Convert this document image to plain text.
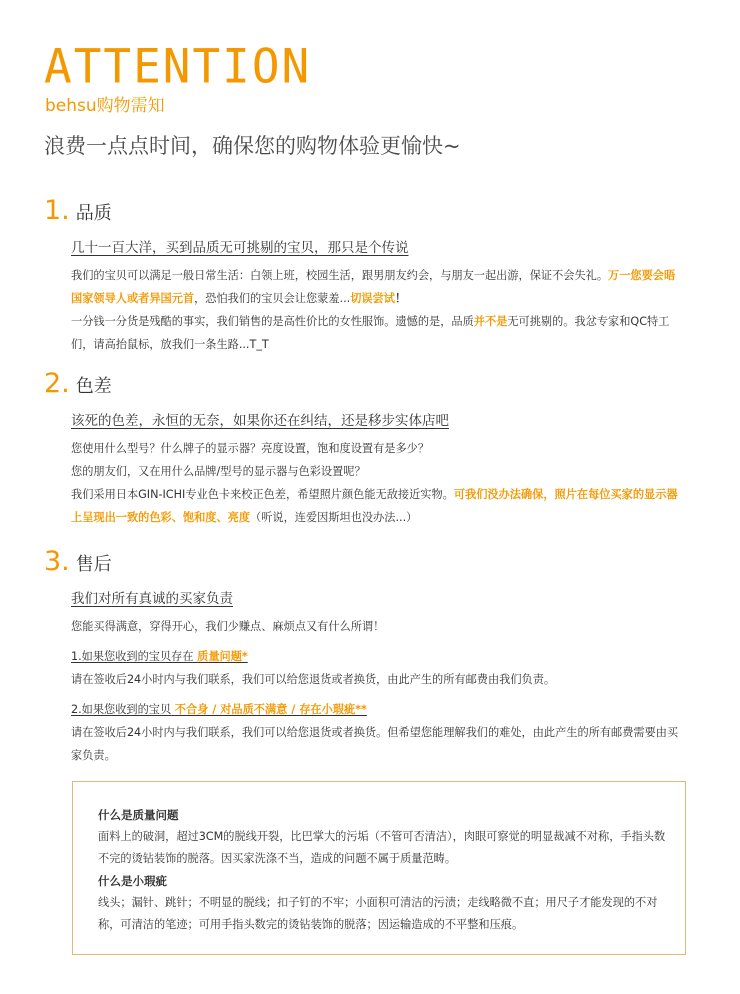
ATTENTION
behsu购物需知
浪费一点点时间，确保您的购物体验更愉快~
1. 品质
几十一百大洋，买到品质无可挑剔的宝贝，那只是个传说

我们的宝贝可以满足一般日常生活：白领上班，校园生活，跟男朋友约会，与朋友一起出游，保证不会失礼。万一您要会晤国家领导人或者异国元首，恐怕我们的宝贝会让您蒙羞...切误尝试！

一分钱一分货是残酷的事实，我们销售的是高性价比的女性服饰。遗憾的是，品质并不是无可挑剔的。我忿专家和QC特工们，请高抬鼠标，放我们一条生路...T_T

2. 色差
该死的色差，永恒的无奈，如果你还在纠结，还是移步实体店吧

您使用什么型号？什么牌子的显示器？亮度设置，饱和度设置有是多少？

您的朋友们，又在用什么品牌/型号的显示器与色彩设置呢？

我们采用日本GIN-ICHI专业色卡来校正色差，希望照片颜色能无敌接近实物。可我们没办法确保，照片在每位买家的显示器上呈现出一致的色彩、饱和度、亮度（听说，连爱因斯坦也没办法...）

3. 售后
我们对所有真诚的买家负责

您能买得满意，穿得开心，我们少赚点、麻烦点又有什么所谓！

1.如果您收到的宝贝存在 质量问题*

请在签收后24小时内与我们联系，我们可以给您退货或者换货，由此产生的所有邮费由我们负责。

2.如果您收到的宝贝 不合身 / 对品质不满意 / 存在小瑕疵**

请在签收后24小时内与我们联系，我们可以给您退货或者换货。但希望您能理解我们的难处，由此产生的所有邮费需要由买家负责。

什么是质量问题
面料上的破洞，超过3CM的脱线开裂，比巴掌大的污垢（不管可否清洁），肉眼可察觉的明显裁减不对称，手指头数不完的烫钻装饰的脱落。因买家洗涤不当，造成的问题不属于质量范畴。
什么是小瑕疵
线头；漏针、跳针；不明显的脱线；扣子钉的不牢；小面积可清洁的污渍；走线略微不直；用尺子才能发现的不对称，可清洁的笔迹；可用手指头数完的烫钻装饰的脱落；因运输造成的不平整和压痕。
